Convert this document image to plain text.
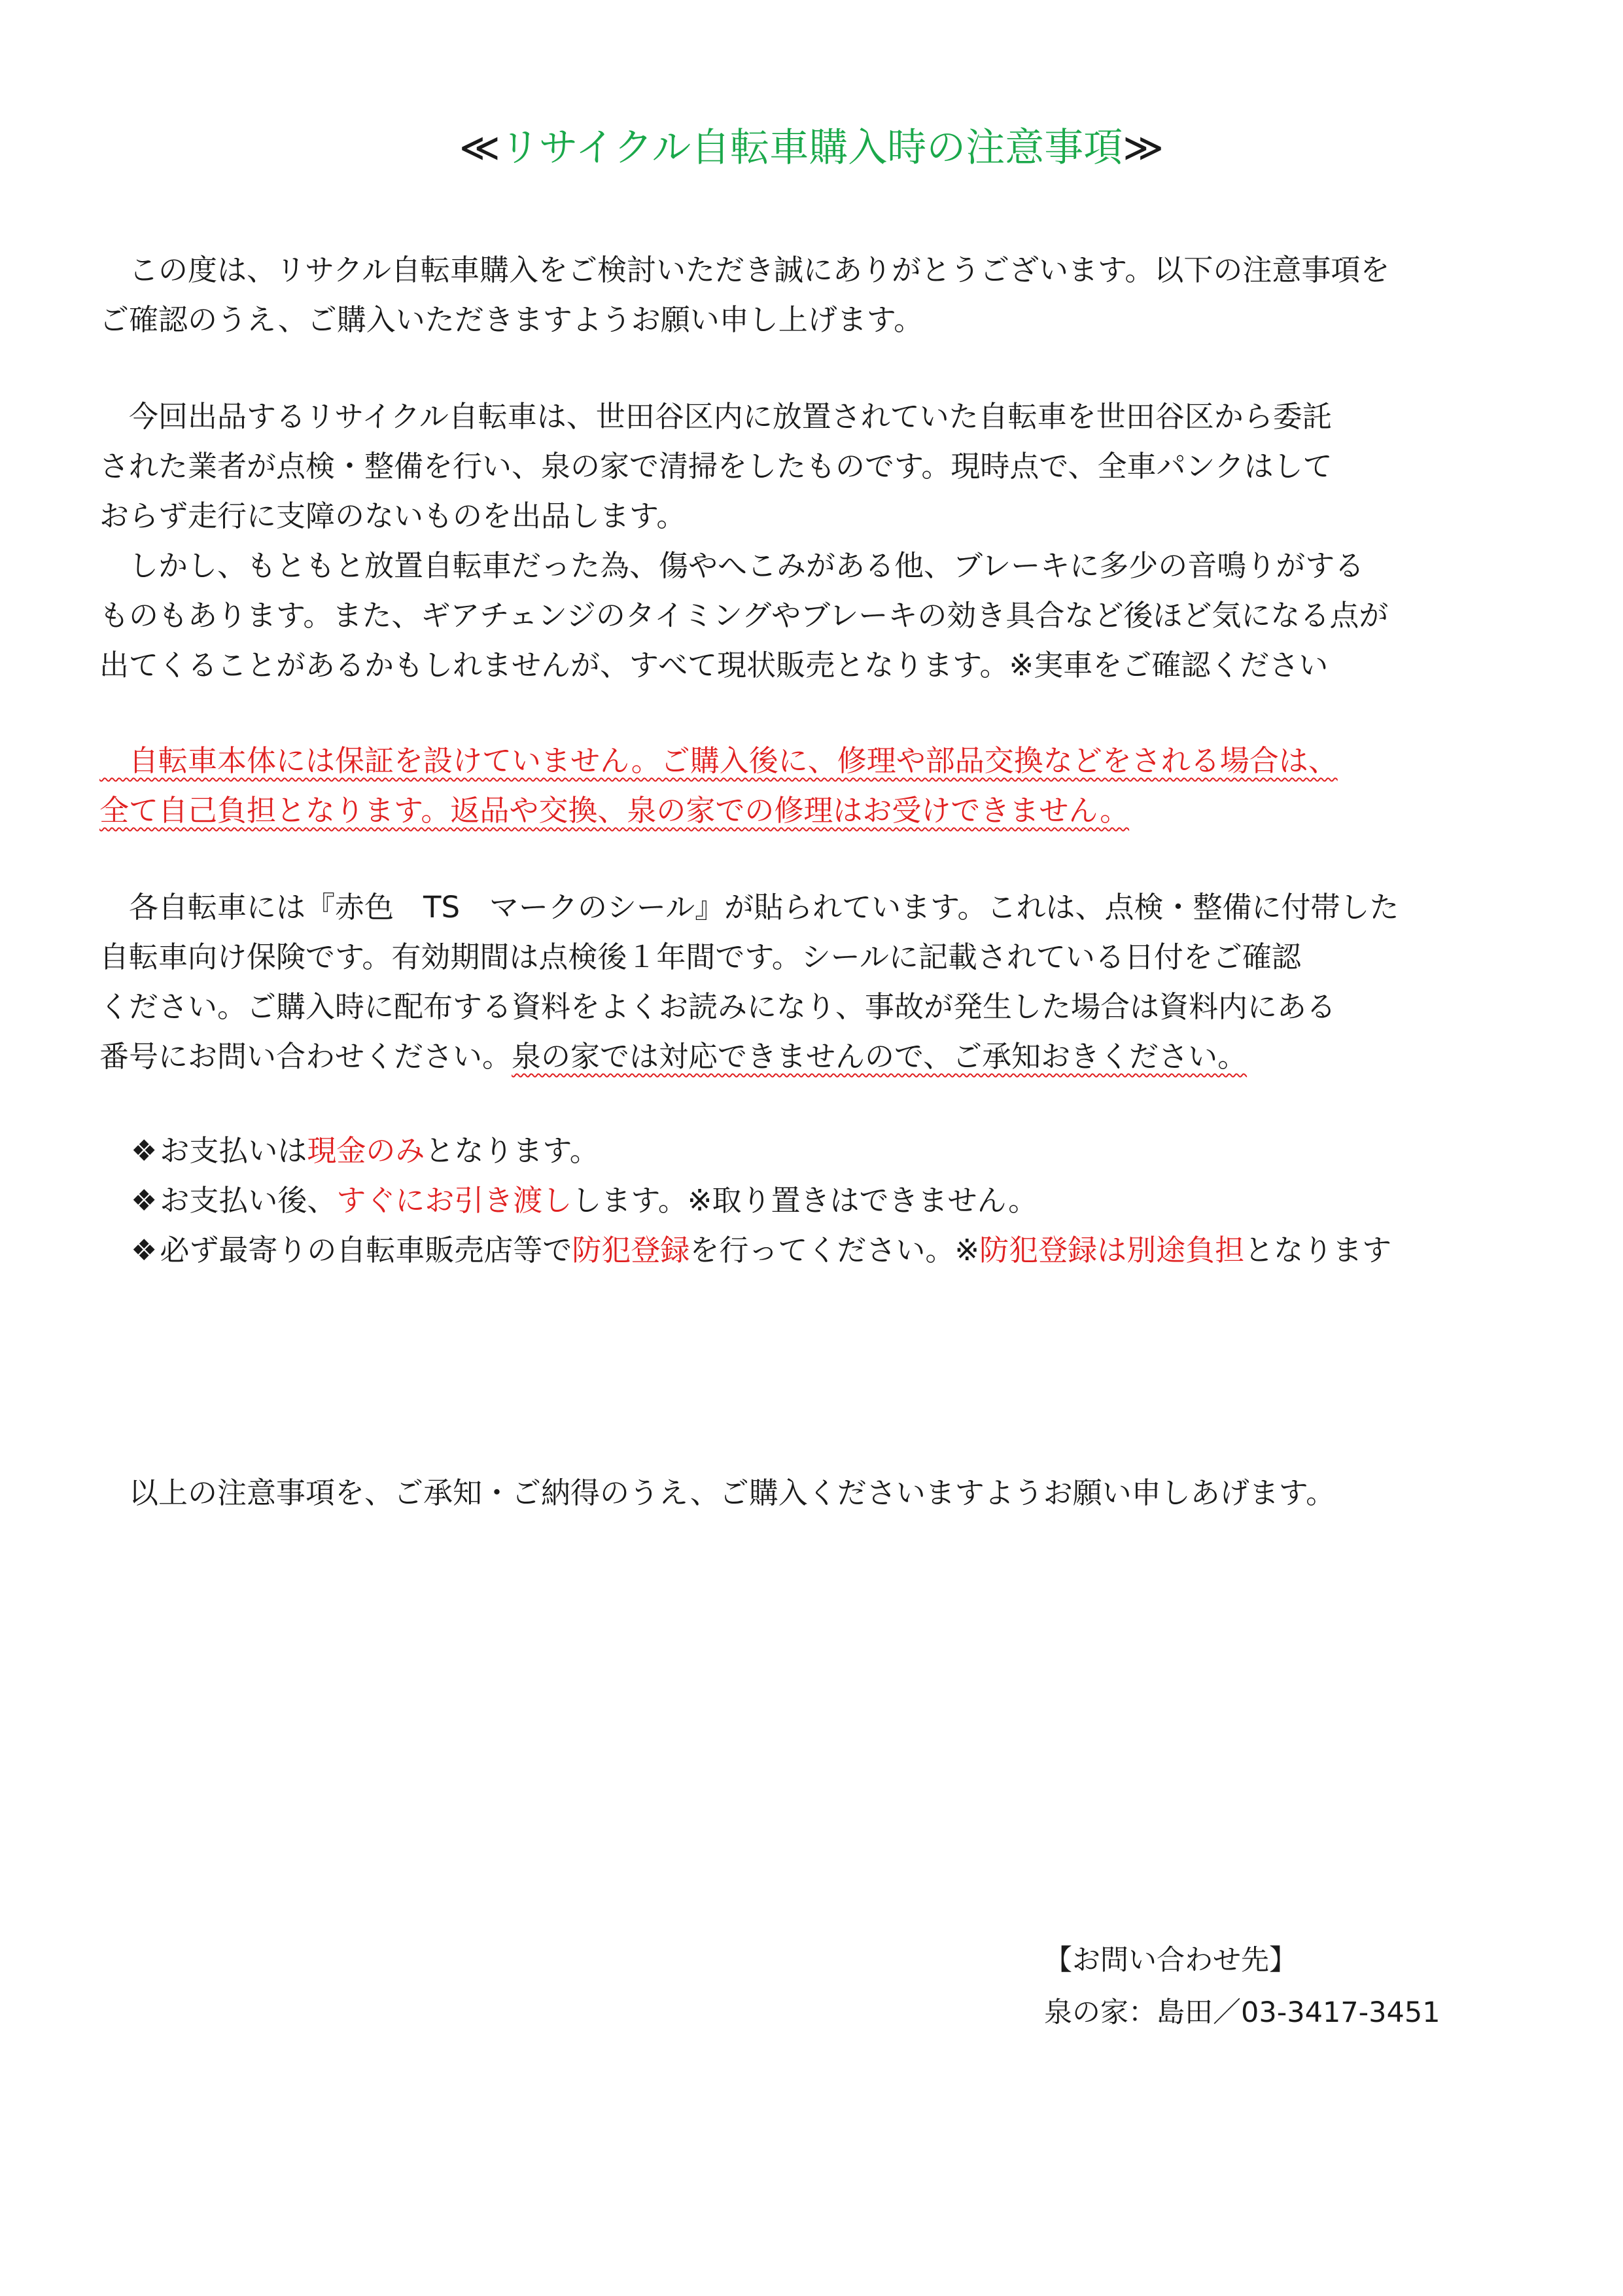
≪リサイクル自転車購入時の注意事項≫
　この度は、リサクル自転車購入をご検討いただき誠にありがとうございます。以下の注意事項を
ご確認のうえ、ご購入いただきますようお願い申し上げます。
　今回出品するリサイクル自転車は、世田谷区内に放置されていた自転車を世田谷区から委託
された業者が点検・整備を行い、泉の家で清掃をしたものです。現時点で、全車パンクはして
おらず走行に支障のないものを出品します。
　しかし、もともと放置自転車だった為、傷やへこみがある他、ブレーキに多少の音鳴りがする
ものもあります。また、ギアチェンジのタイミングやブレーキの効き具合など後ほど気になる点が
出てくることがあるかもしれませんが、すべて現状販売となります。※実車をご確認ください
　自転車本体には保証を設けていません。ご購入後に、修理や部品交換などをされる場合は、
全て自己負担となります。返品や交換、泉の家での修理はお受けできません。
　各自転車には『赤色　TS　マークのシール』が貼られています。これは、点検・整備に付帯した
自転車向け保険です。有効期間は点検後１年間です。シールに記載されている日付をご確認
ください。ご購入時に配布する資料をよくお読みになり、事故が発生した場合は資料内にある
番号にお問い合わせください。泉の家では対応できませんので、ご承知おきください。
❖お支払いは現金のみとなります。
❖お支払い後、すぐにお引き渡しします。※取り置きはできません。
❖必ず最寄りの自転車販売店等で防犯登録を行ってください。※防犯登録は別途負担となります
　以上の注意事項を、ご承知・ご納得のうえ、ご購入くださいますようお願い申しあげます。
【お問い合わせ先】
泉の家：島田／03-3417-3451
